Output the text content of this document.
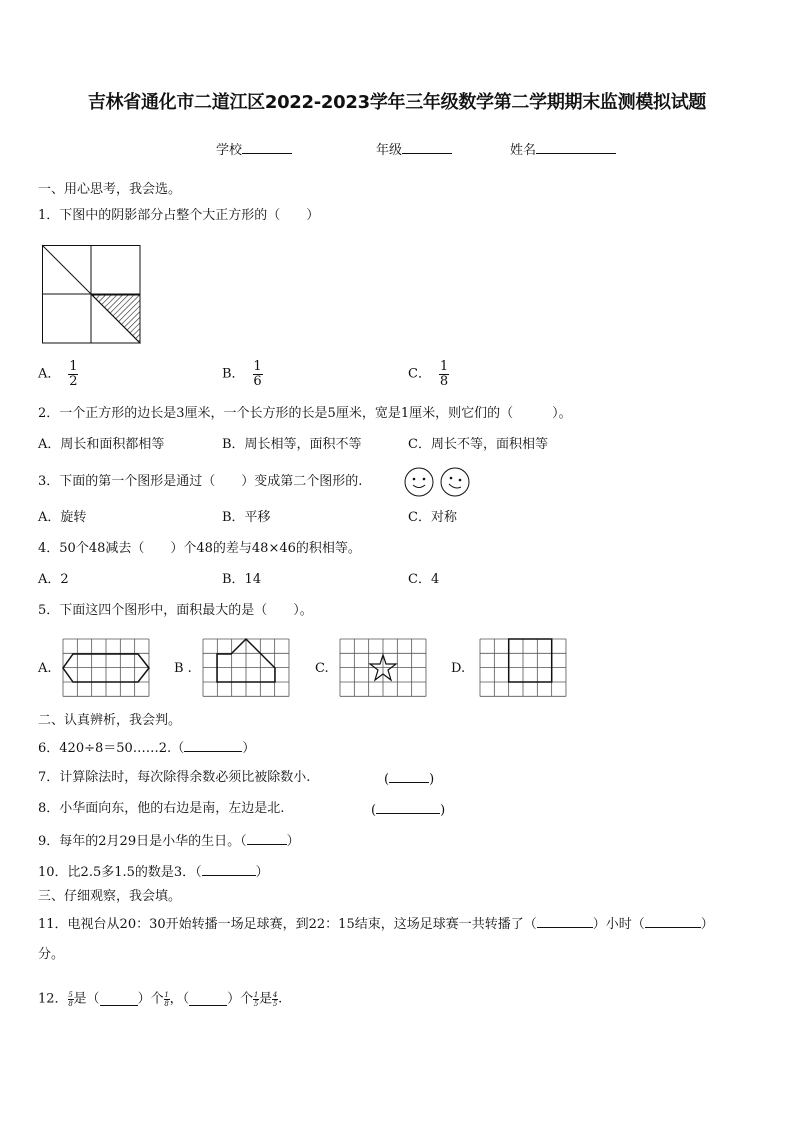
吉林省通化市二道江区2022-2023学年三年级数学第二学期期末监测模拟试题
学校	年级	姓名
一、用心思考，我会选。
1．下图中的阴影部分占整个大正方形的（　　）
A． $\frac{1}{2}$	B． $\frac{1}{6}$	C． $\frac{1}{8}$
2．一个正方形的边长是3厘米，一个长方形的长是5厘米，宽是1厘米，则它们的（　　　）。
A．周长和面积都相等	B．周长相等，面积不等	C．周长不等，面积相等
3．下面的第一个图形是通过（　　）变成第二个图形的.
A．旋转	B．平移	C．对称
4．50个48减去（　　）个48的差与48×46的积相等。
A．2	B．14	C．4
5．下面这四个图形中，面积最大的是（　　）。
A.	B .	C.	D.
二、认真辨析，我会判。
6．420÷8＝50……2.（	）
7．计算除法时，每次除得余数必须比被除数小.	(	)
8．小华面向东，他的右边是南，左边是北.	(	)
9．每年的2月29日是小华的生日。（	）
10．比2.5多1.5的数是3．（	）
三、仔细观察，我会填。
11．电视台从20：30开始转播一场足球赛，到22：15结束，这场足球赛一共转播了（	）小时（	）
分。
12． $\frac{5}{8}$ 是（	）个 $\frac{1}{8}$ ，（	）个 $\frac{1}{5}$ 是 $\frac{4}{5}$ .
